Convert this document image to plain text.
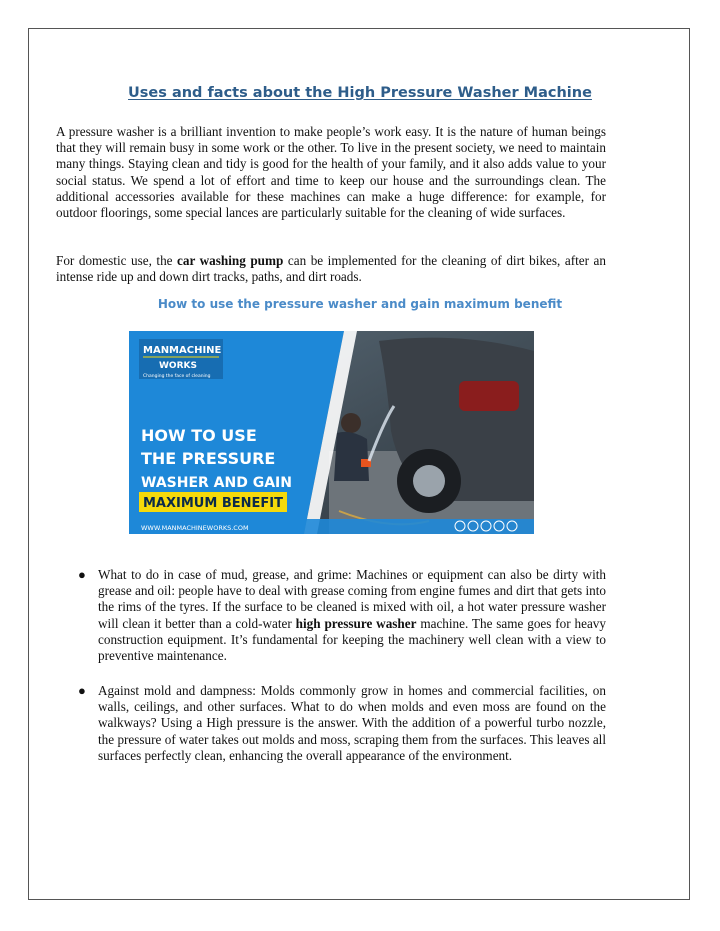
Uses and facts about the High Pressure Washer Machine
A pressure washer is a brilliant invention to make people’s work easy. It is the nature of human beings that they will remain busy in some work or the other. To live in the present society, we need to maintain many things. Staying clean and tidy is good for the health of your family, and it also adds value to your social status. We spend a lot of effort and time to keep our house and the surroundings clean. The additional accessories available for these machines can make a huge difference: for example, for outdoor floorings, some special lances are particularly suitable for the cleaning of wide surfaces.
For domestic use, the car washing pump can be implemented for the cleaning of dirt bikes, after an intense ride up and down dirt tracks, paths, and dirt roads.
How to use the pressure washer and gain maximum benefit
MANMACHINE
WORKS
Changing the face of cleaning
HOW TO USE
THE PRESSURE
WASHER AND GAIN
MAXIMUM BENEFIT
WWW.MANMACHINEWORKS.COM
● What to do in case of mud, grease, and grime: Machines or equipment can also be dirty with grease and oil: people have to deal with grease coming from engine fumes and dirt that gets into the rims of the tyres. If the surface to be cleaned is mixed with oil, a hot water pressure washer will clean it better than a cold-water high pressure washer machine. The same goes for heavy construction equipment. It’s fundamental for keeping the machinery well clean with a view to preventive maintenance.
● Against mold and dampness: Molds commonly grow in homes and commercial facilities, on walls, ceilings, and other surfaces. What to do when molds and even moss are found on the walkways? Using a High pressure is the answer. With the addition of a powerful turbo nozzle, the pressure of water takes out molds and moss, scraping them from the surfaces. This leaves all surfaces perfectly clean, enhancing the overall appearance of the environment.
